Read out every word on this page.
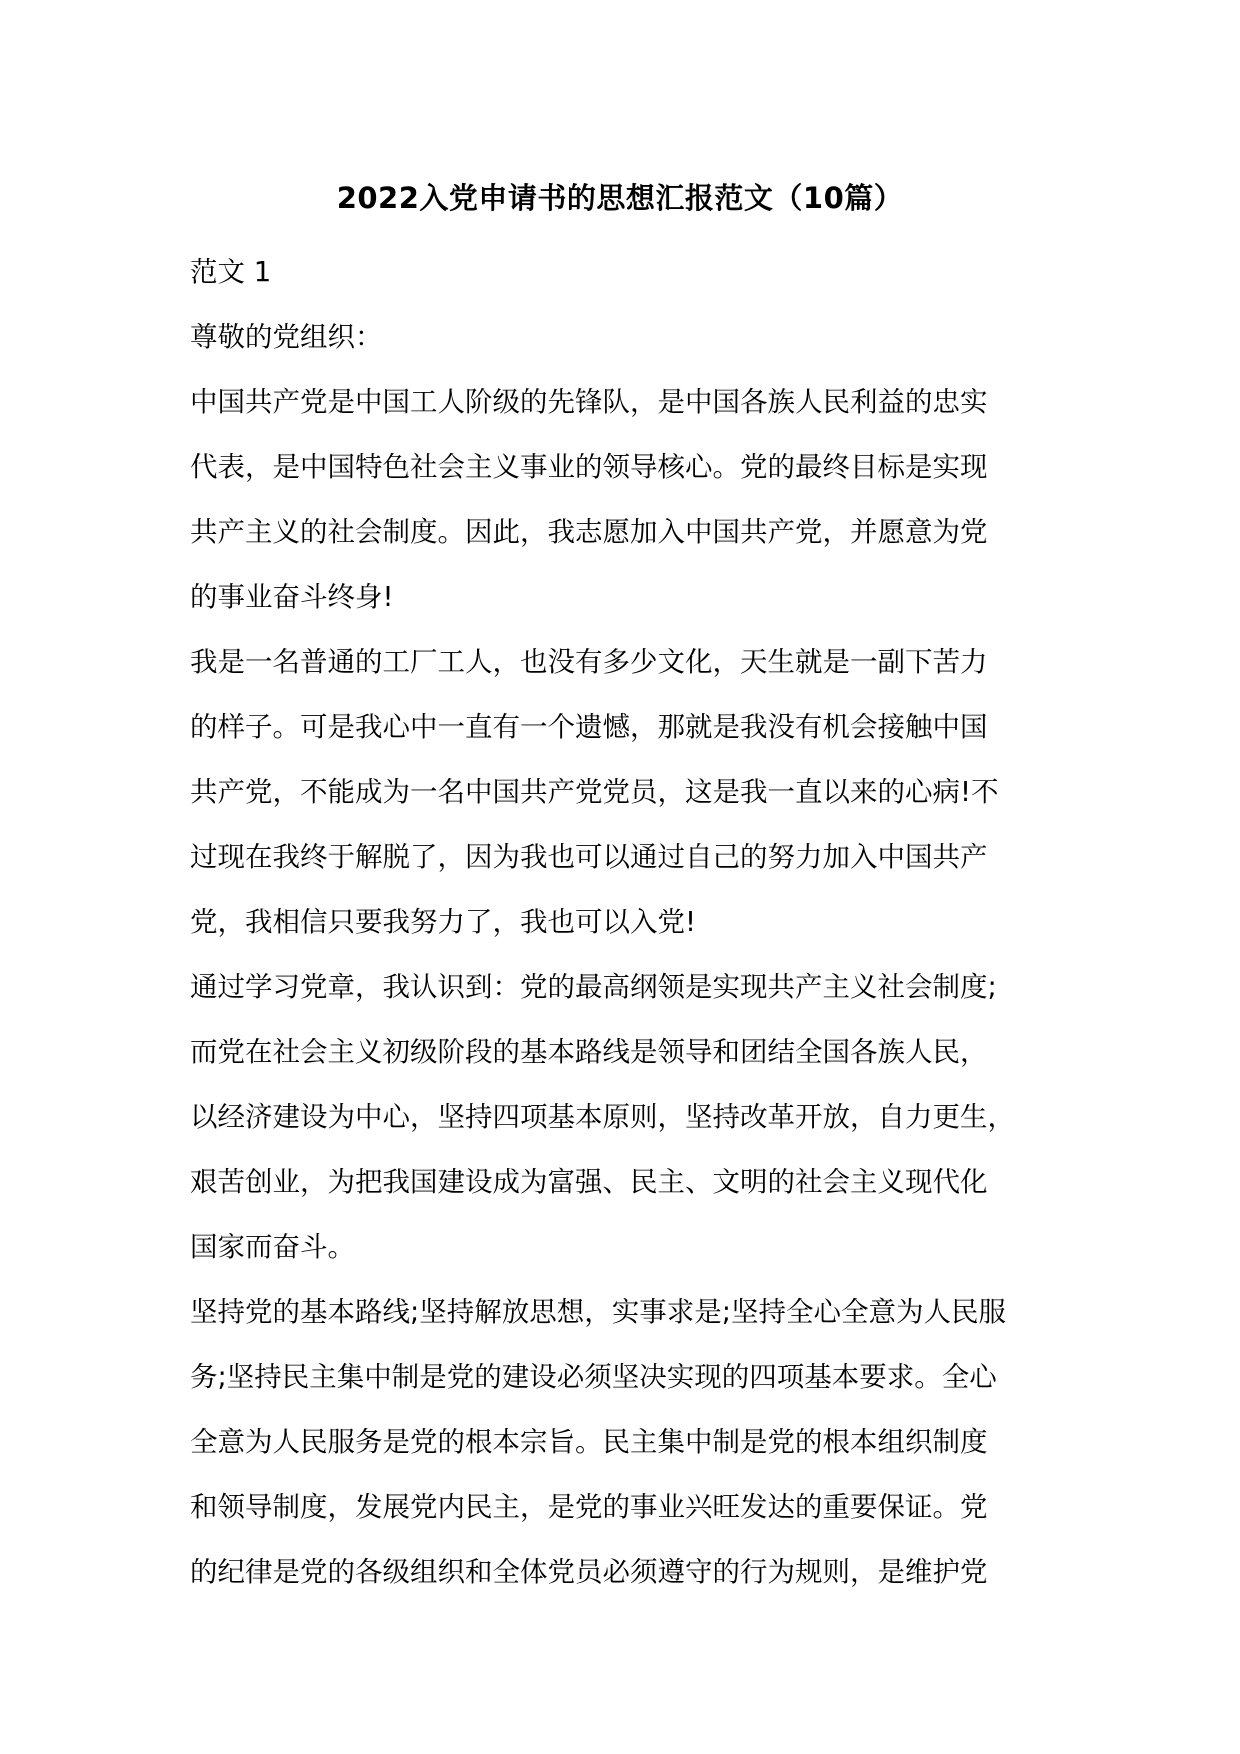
2022入党申请书的思想汇报范文（10篇）
范文 1
尊敬的党组织：
中国共产党是中国工人阶级的先锋队，是中国各族人民利益的忠实
代表，是中国特色社会主义事业的领导核心。党的最终目标是实现
共产主义的社会制度。因此，我志愿加入中国共产党，并愿意为党
的事业奋斗终身!
我是一名普通的工厂工人，也没有多少文化，天生就是一副下苦力
的样子。可是我心中一直有一个遗憾，那就是我没有机会接触中国
共产党，不能成为一名中国共产党党员，这是我一直以来的心病!不
过现在我终于解脱了，因为我也可以通过自己的努力加入中国共产
党，我相信只要我努力了，我也可以入党!
通过学习党章，我认识到：党的最高纲领是实现共产主义社会制度;
而党在社会主义初级阶段的基本路线是领导和团结全国各族人民，
以经济建设为中心，坚持四项基本原则，坚持改革开放，自力更生，
艰苦创业，为把我国建设成为富强、民主、文明的社会主义现代化
国家而奋斗。
坚持党的基本路线;坚持解放思想，实事求是;坚持全心全意为人民服
务;坚持民主集中制是党的建设必须坚决实现的四项基本要求。全心
全意为人民服务是党的根本宗旨。民主集中制是党的根本组织制度
和领导制度，发展党内民主，是党的事业兴旺发达的重要保证。党
的纪律是党的各级组织和全体党员必须遵守的行为规则，是维护党
